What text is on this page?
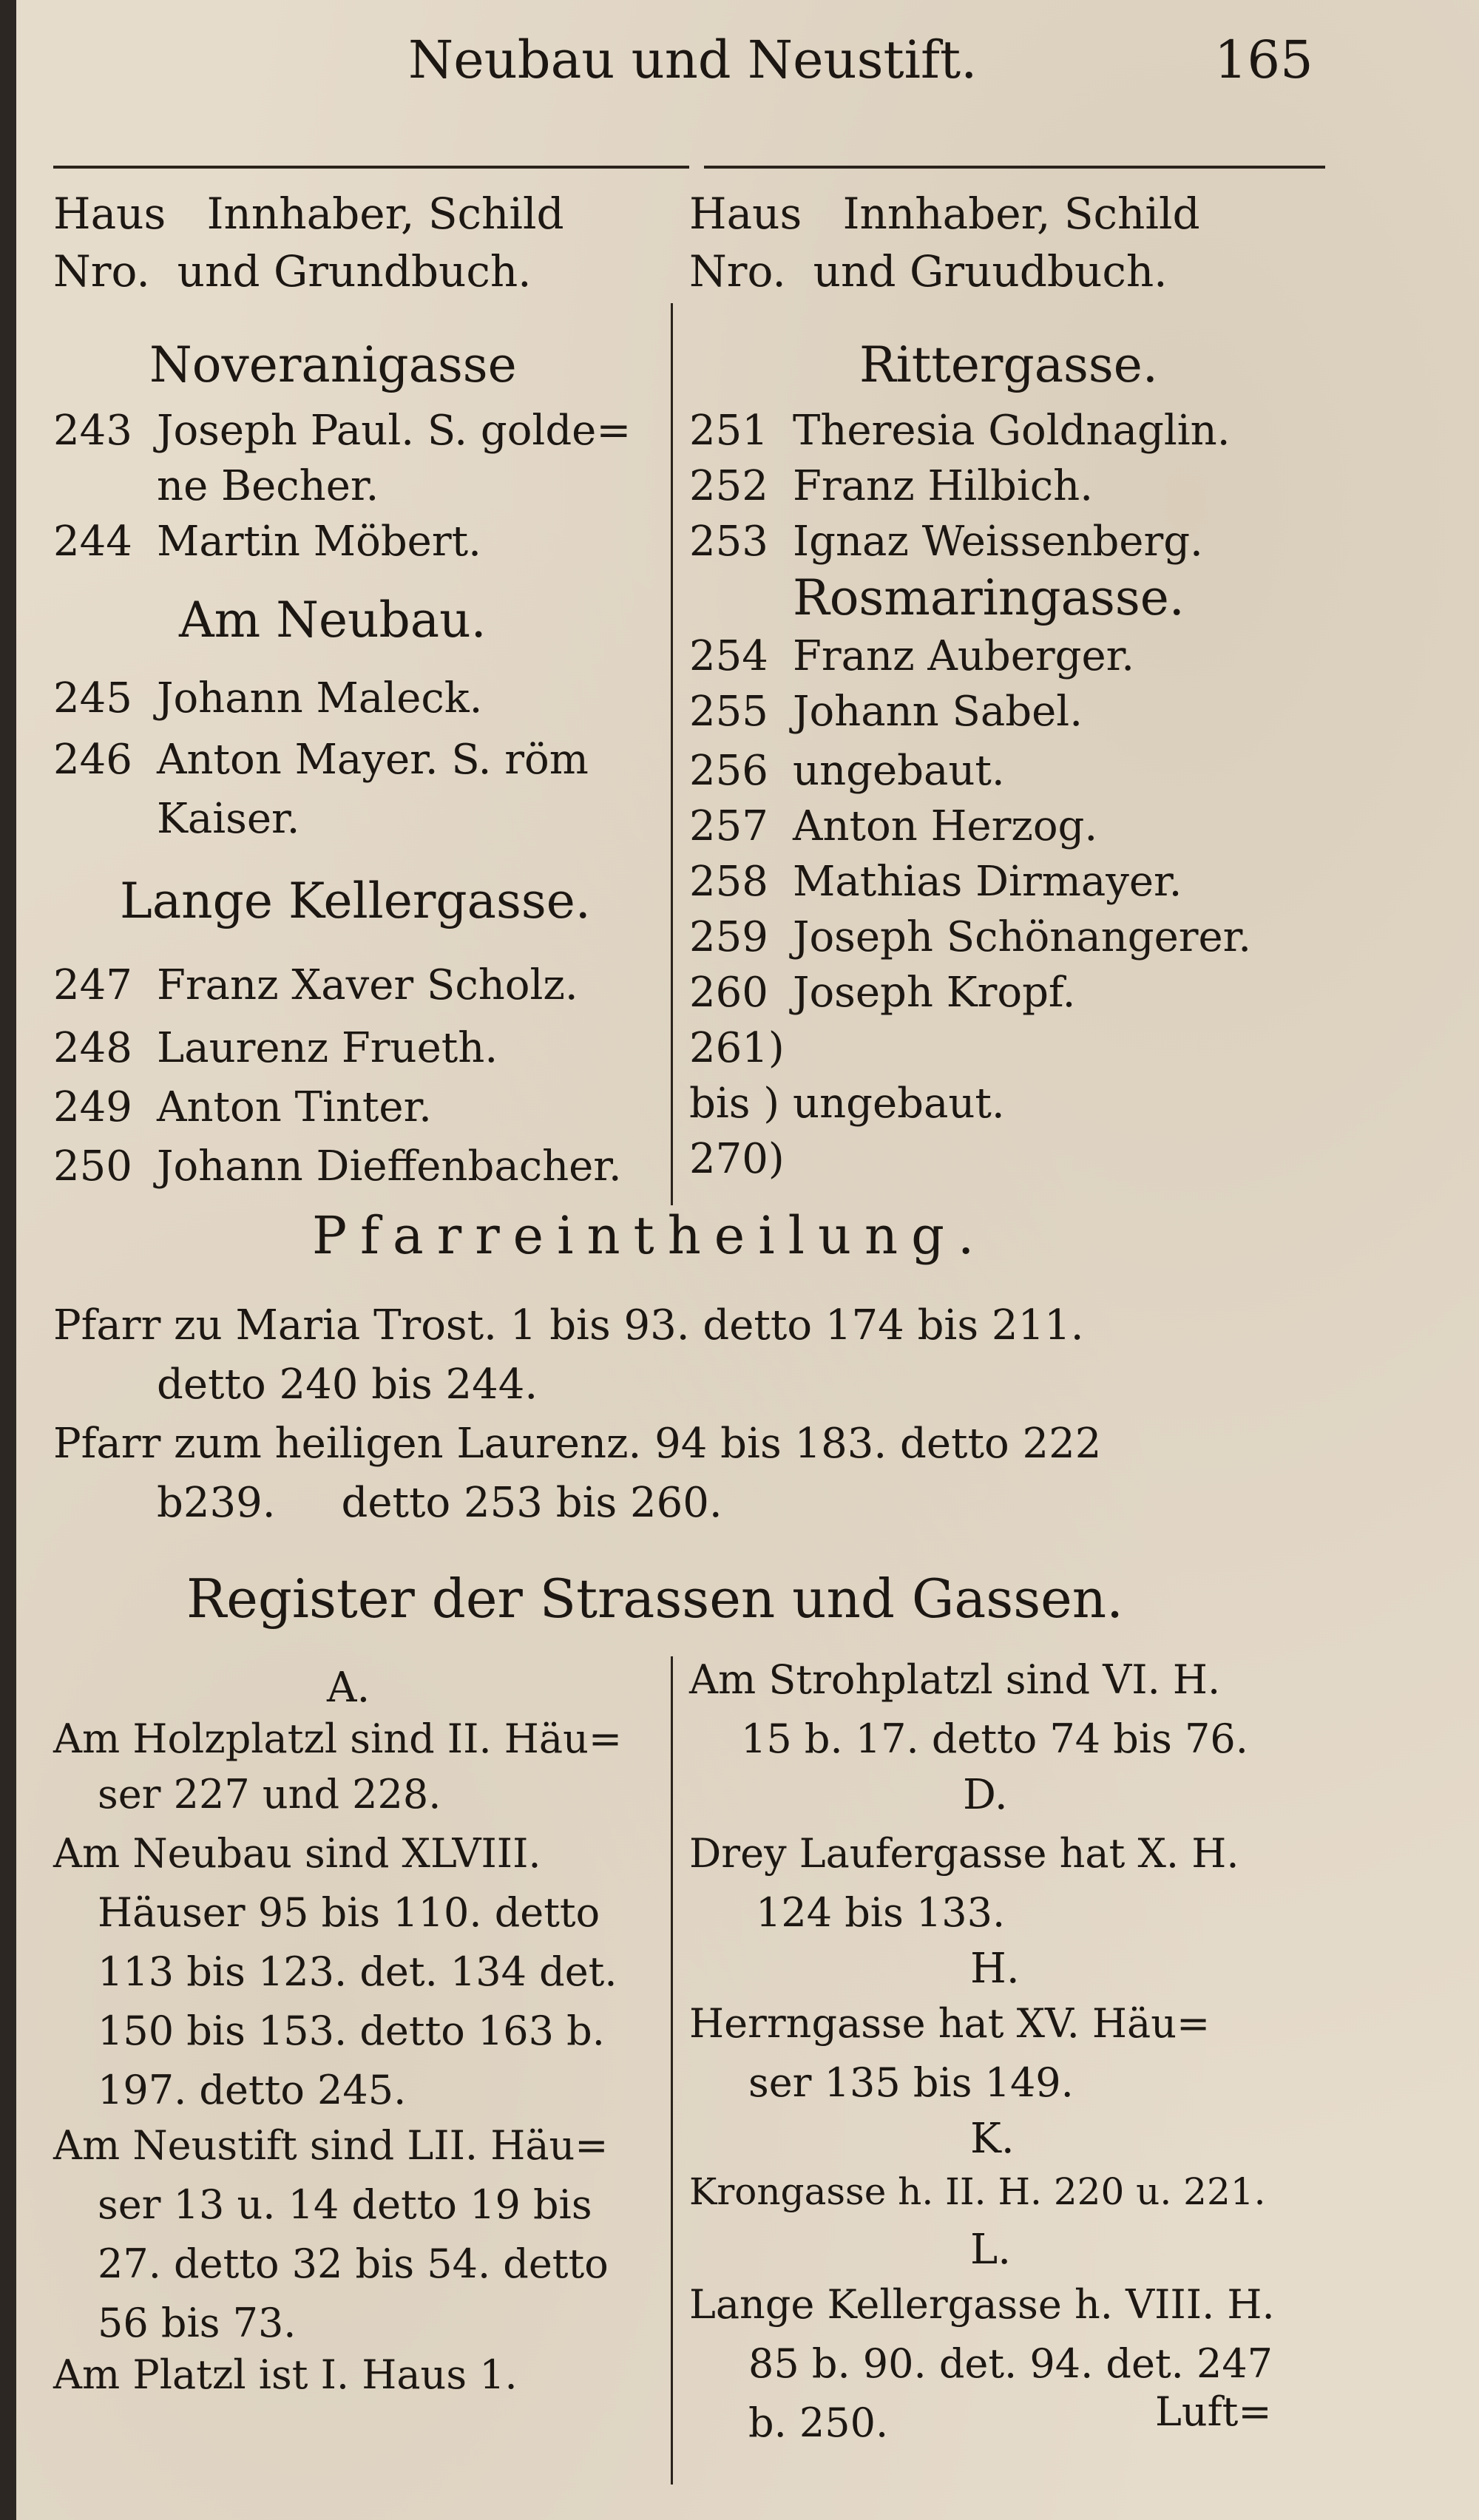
Neubau und Neustift.	165
Haus   Innhaber, Schild
Nro.  und Grundbuch.
Haus   Innhaber, Schild
Nro.  und Gruudbuch.
Noveranigasse
243 Joseph Paul. S. golde=
ne Becher.
244 Martin Möbert.
Am Neubau.
245 Johann Maleck.
246 Anton Mayer. S. röm
Kaiser.
Lange Kellergasse.
247 Franz Xaver Scholz.
248 Laurenz Frueth.
249 Anton Tinter.
250 Johann Dieffenbacher.
Rittergasse.
251 Theresia Goldnaglin.
252 Franz Hilbich.
253 Ignaz Weissenberg.
Rosmaringasse.
254 Franz Auberger.
255 Johann Sabel.
256 ungebaut.
257 Anton Herzog.
258 Mathias Dirmayer.
259 Joseph Schönangerer.
260 Joseph Kropf.
261)
bis ) ungebaut.
270)
Pfarreintheilung.
Pfarr zu Maria Trost. 1 bis 93. detto 174 bis 211.
detto 240 bis 244.
Pfarr zum heiligen Laurenz. 94 bis 183. detto 222
b239.     detto 253 bis 260.
Register der Strassen und Gassen.
A.
Am Holzplatzl sind II. Häu=
ser 227 und 228.
Am Neubau sind XLVIII.
Häuser 95 bis 110. detto
113 bis 123. det. 134 det.
150 bis 153. detto 163 b.
197. detto 245.
Am Neustift sind LII. Häu=
ser 13 u. 14 detto 19 bis
27. detto 32 bis 54. detto
56 bis 73.
Am Platzl ist I. Haus 1.
Am Strohplatzl sind VI. H.
15 b. 17. detto 74 bis 76.
D.
Drey Laufergasse hat X. H.
124 bis 133.
H.
Herrngasse hat XV. Häu=
ser 135 bis 149.
K.
Krongasse h. II. H. 220 u. 221.
L.
Lange Kellergasse h. VIII. H.
85 b. 90. det. 94. det. 247
b. 250.	Luft=
